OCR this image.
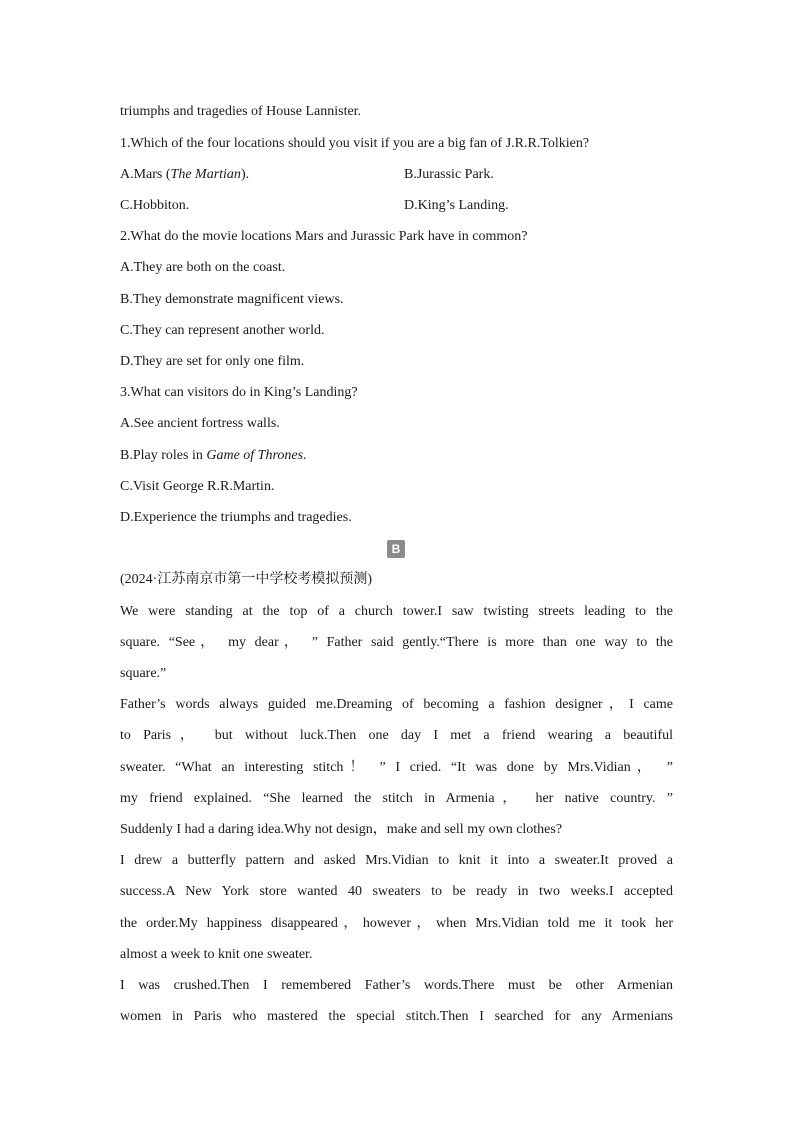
triumphs and tragedies of House Lannister.
1.Which of the four locations should you visit if you are a big fan of J.R.R.Tolkien?
A.Mars (The Martian).	B.Jurassic Park.
C.Hobbiton.	D.King’s Landing.
2.What do the movie locations Mars and Jurassic Park have in common?
A.They are both on the coast.
B.They demonstrate magnificent views.
C.They can represent another world.
D.They are set for only one film.
3.What can visitors do in King’s Landing?
A.See ancient fortress walls.
B.Play roles in Game of Thrones.
C.Visit George R.R.Martin.
D.Experience the triumphs and tragedies.
B
(2024·江苏南京市第一中学校考模拟预测)
We were standing at the top of a church tower.I saw twisting streets leading to the
square. “See， my dear， ” Father said gently.“There is more than one way to the
square.”
Father’s words always guided me.Dreaming of becoming a fashion designer，I came
to Paris， but without luck.Then one day I met a friend wearing a beautiful
sweater. “What an interesting stitch！ ” I cried. “It was done by Mrs.Vidian， ”
my friend explained. “She learned the stitch in Armenia， her native country. ”
Suddenly I had a daring idea.Why not design，make and sell my own clothes?
I drew a butterfly pattern and asked Mrs.Vidian to knit it into a sweater.It proved a
success.A New York store wanted 40 sweaters to be ready in two weeks.I accepted
the order.My happiness disappeared，however，when Mrs.Vidian told me it took her
almost a week to knit one sweater.
I was crushed.Then I remembered Father’s words.There must be other Armenian
women in Paris who mastered the special stitch.Then I searched for any Armenians
